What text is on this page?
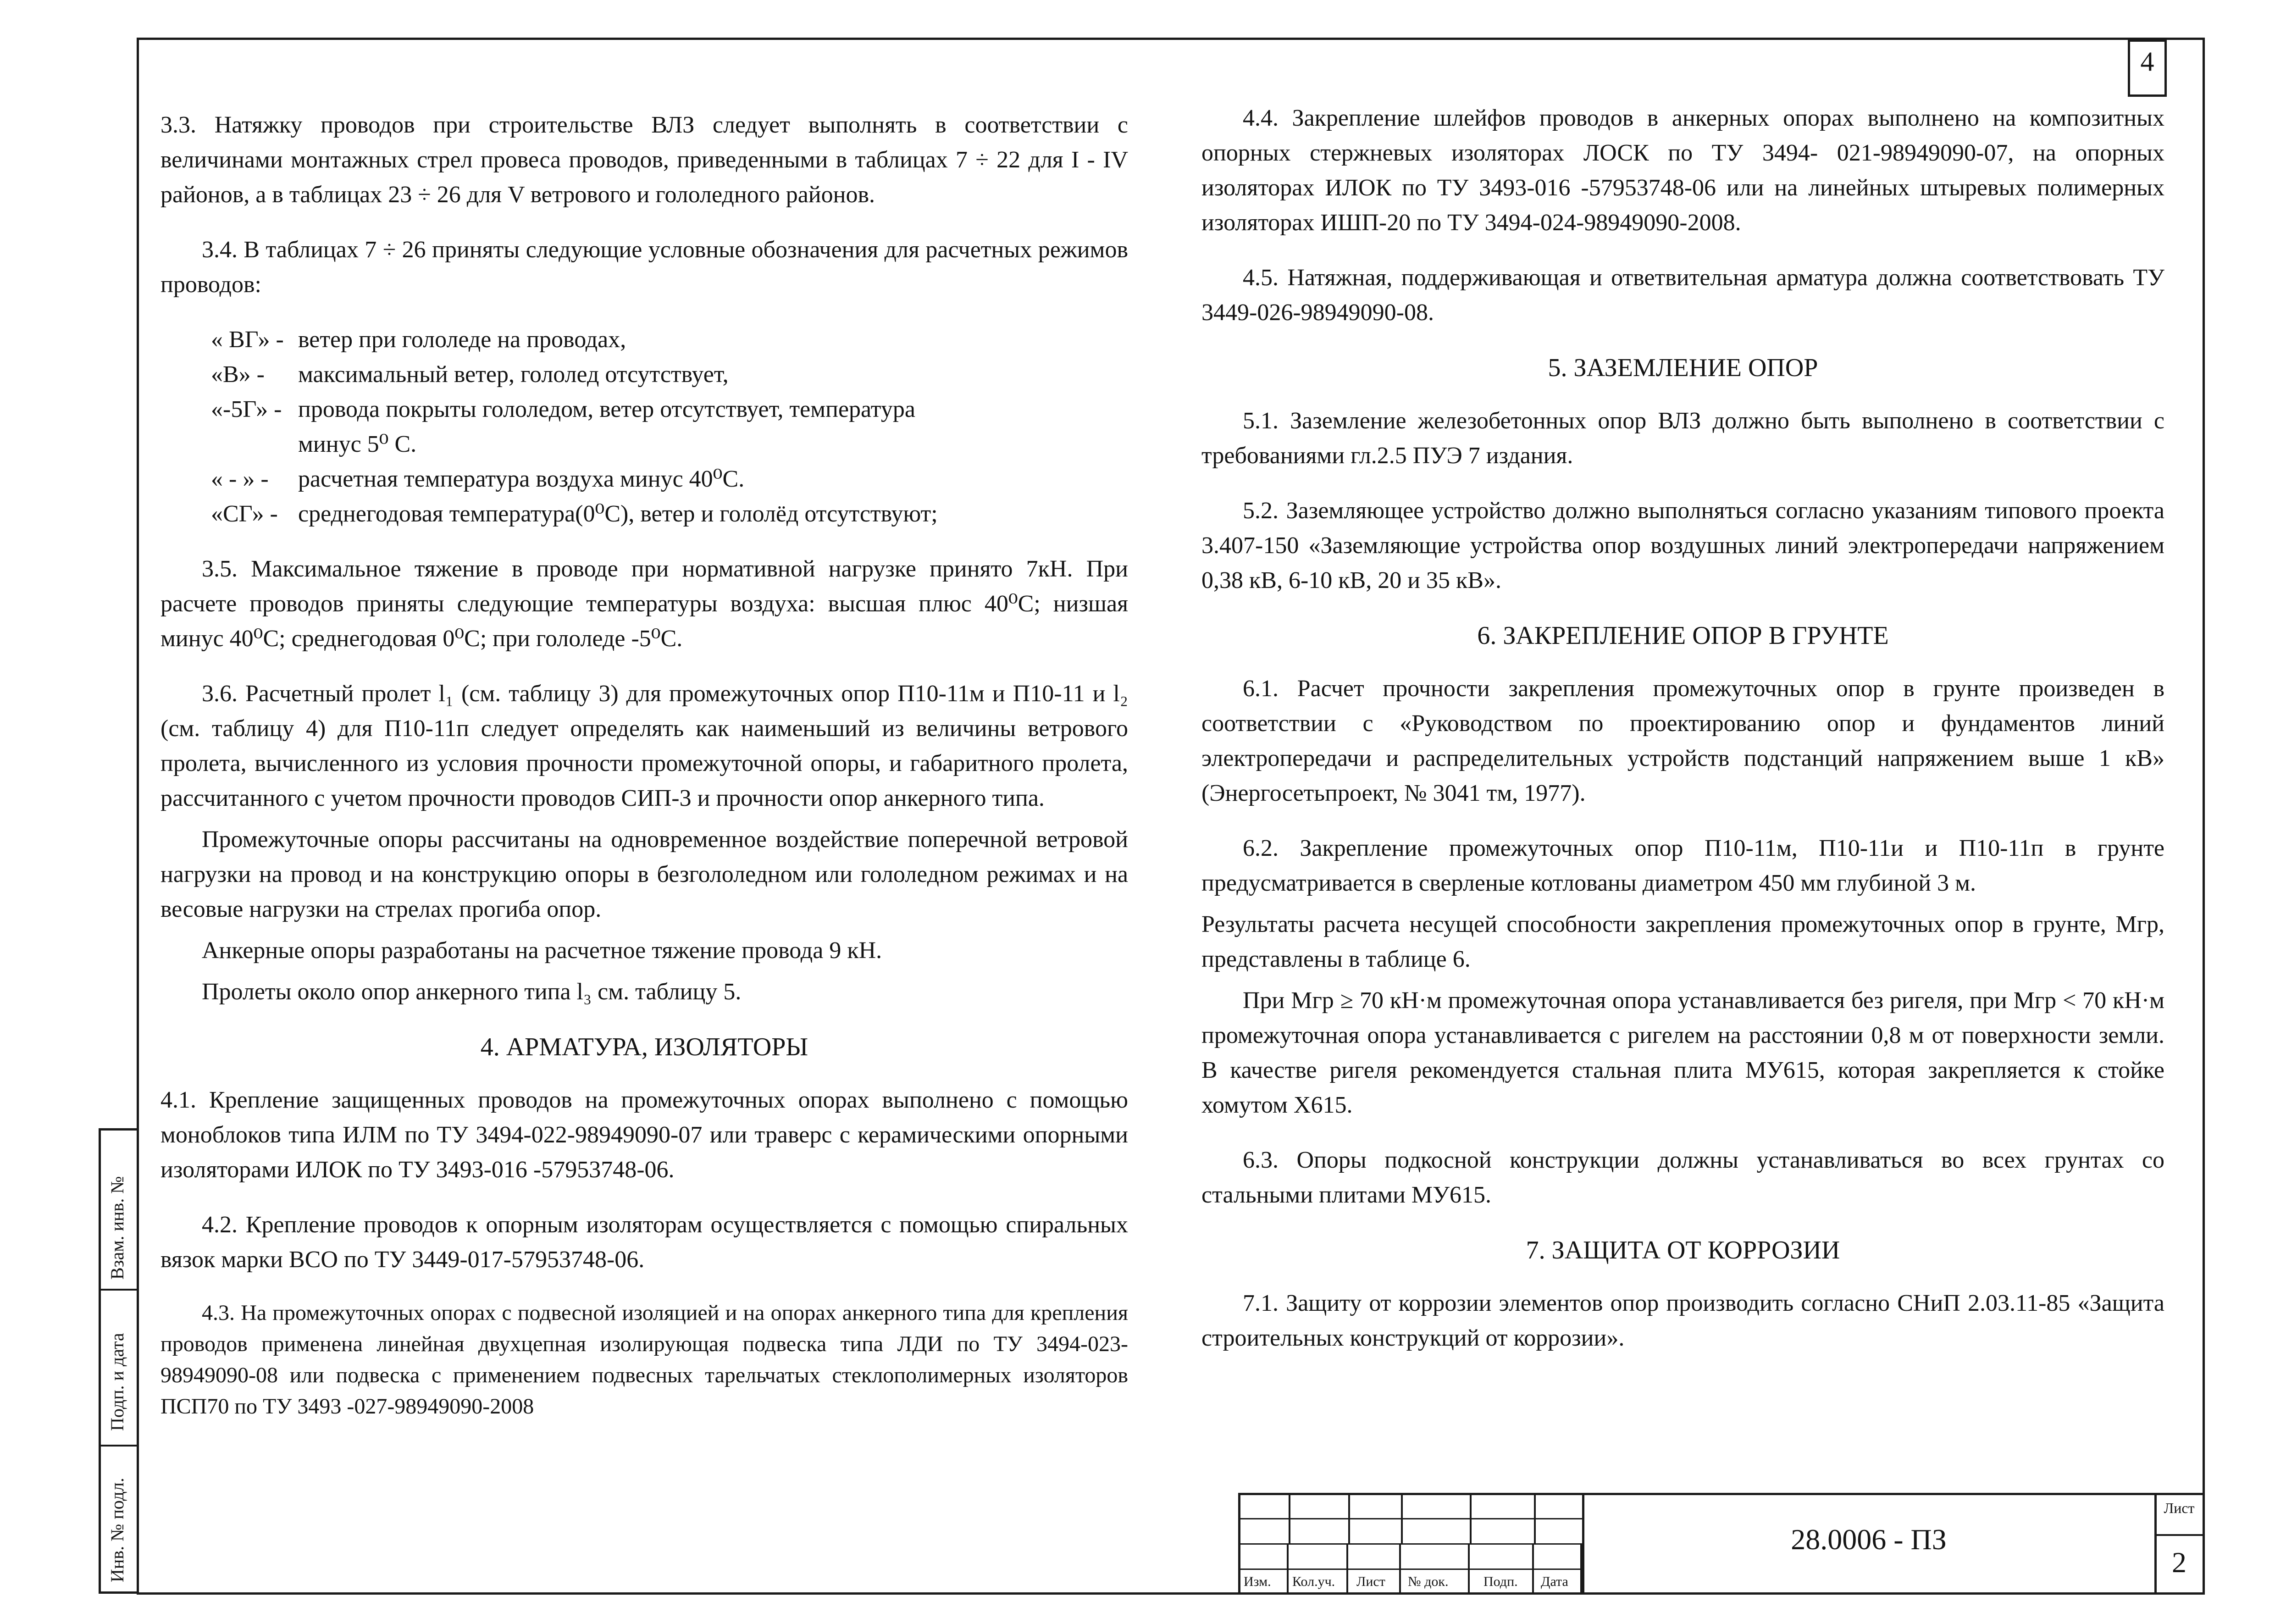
4
Взам. инв. №
Подп. и дата
Инв. № подл.

3.3. Натяжку проводов при строительстве ВЛЗ следует выполнять в соответствии с величинами монтажных стрел провеса проводов, приведенными в таблицах 7 ÷ 22 для I - IV районов, а в таблицах 23 ÷ 26 для V ветрового и гололедного районов.

3.4. В таблицах 7 ÷ 26 приняты следующие условные обозначения для расчетных режимов проводов:

« ВГ» - ветер при гололеде на проводах,
«В» -	максимальный ветер, гололед отсутствует,
«-5Г» - провода покрыты гололедом, ветер отсутствует, температура
минус 5⁰ С.
« - » -	расчетная температура воздуха минус 40⁰С.
«СГ» - среднегодовая температура(0⁰С), ветер и гололёд отсутствуют;

3.5. Максимальное тяжение в проводе при нормативной нагрузке принято 7кН. При расчете проводов приняты следующие температуры воздуха: высшая плюс 40⁰С; низшая минус 40⁰С; среднегодовая 0⁰С; при гололеде -5⁰С.

3.6. Расчетный пролет l₁ (см. таблицу 3) для промежуточных опор П10-11м и П10-11 и l₂ (см. таблицу 4) для П10-11п следует определять как наименьший из величины ветрового пролета, вычисленного из условия прочности промежуточной опоры, и габаритного пролета, рассчитанного с учетом прочности проводов СИП-3 и прочности опор анкерного типа.

Промежуточные опоры рассчитаны на одновременное воздействие поперечной ветровой нагрузки на провод и на конструкцию опоры в безгололедном или гололедном режимах и на весовые нагрузки на стрелах прогиба опор.

Анкерные опоры разработаны на расчетное тяжение провода 9 кН.

Пролеты около опор анкерного типа l₃ см. таблицу 5.

4. АРМАТУРА, ИЗОЛЯТОРЫ

4.1. Крепление защищенных проводов на промежуточных опорах выполнено с помощью моноблоков типа ИЛМ по ТУ 3494-022-98949090-07 или траверс с керамическими опорными изоляторами ИЛОК по ТУ 3493-016 -57953748-06.

4.2. Крепление проводов к опорным изоляторам осуществляется с помощью спиральных вязок марки ВСО по ТУ 3449-017-57953748-06.

4.3. На промежуточных опорах с подвесной изоляцией и на опорах анкерного типа для крепления проводов применена линейная двухцепная изолирующая подвеска типа ЛДИ по ТУ 3494-023-98949090-08 или подвеска с применением подвесных тарельчатых стеклополимерных изоляторов ПСП70 по ТУ 3493 -027-98949090-2008

4.4. Закрепление шлейфов проводов в анкерных опорах выполнено на композитных опорных стержневых изоляторах ЛОСК по ТУ 3494- 021-98949090-07, на опорных изоляторах ИЛОК по ТУ 3493-016 -57953748-06 или на линейных штыревых полимерных изоляторах ИШП-20 по ТУ 3494-024-98949090-2008.

4.5. Натяжная, поддерживающая и ответвительная арматура должна соответствовать ТУ 3449-026-98949090-08.

5. ЗАЗЕМЛЕНИЕ ОПОР

5.1. Заземление железобетонных опор ВЛЗ должно быть выполнено в соответствии с требованиями гл.2.5 ПУЭ 7 издания.

5.2. Заземляющее устройство должно выполняться согласно указаниям типового проекта 3.407-150 «Заземляющие устройства опор воздушных линий электропередачи напряжением 0,38 кВ, 6-10 кВ, 20 и 35 кВ».

6. ЗАКРЕПЛЕНИЕ ОПОР В ГРУНТЕ

6.1. Расчет прочности закрепления промежуточных опор в грунте произведен в соответствии с «Руководством по проектированию опор и фундаментов линий электропередачи и распределительных устройств подстанций напряжением выше 1 кВ» (Энергосетьпроект, № 3041 тм, 1977).

6.2. Закрепление промежуточных опор П10-11м, П10-11и и П10-11п в грунте предусматривается в сверленые котлованы диаметром 450 мм глубиной 3 м.

Результаты расчета несущей способности закрепления промежуточных опор в грунте, Мгр, представлены в таблице 6.

При Мгр ≥ 70 кН·м промежуточная опора устанавливается без ригеля, при Мгр < 70 кН·м промежуточная опора устанавливается с ригелем на расстоянии 0,8 м от поверхности земли. В качестве ригеля рекомендуется стальная плита МУ615, которая закрепляется к стойке хомутом Х615.

6.3. Опоры подкосной конструкции должны устанавливаться во всех грунтах со стальными плитами МУ615.

7. ЗАЩИТА ОТ КОРРОЗИИ

7.1. Защиту от коррозии элементов опор производить согласно СНиП 2.03.11-85 «Защита строительных конструкций от коррозии».

Изм. Кол.уч. Лист № док.	Подп. Дата
28.0006 - ПЗ
Лист
2
